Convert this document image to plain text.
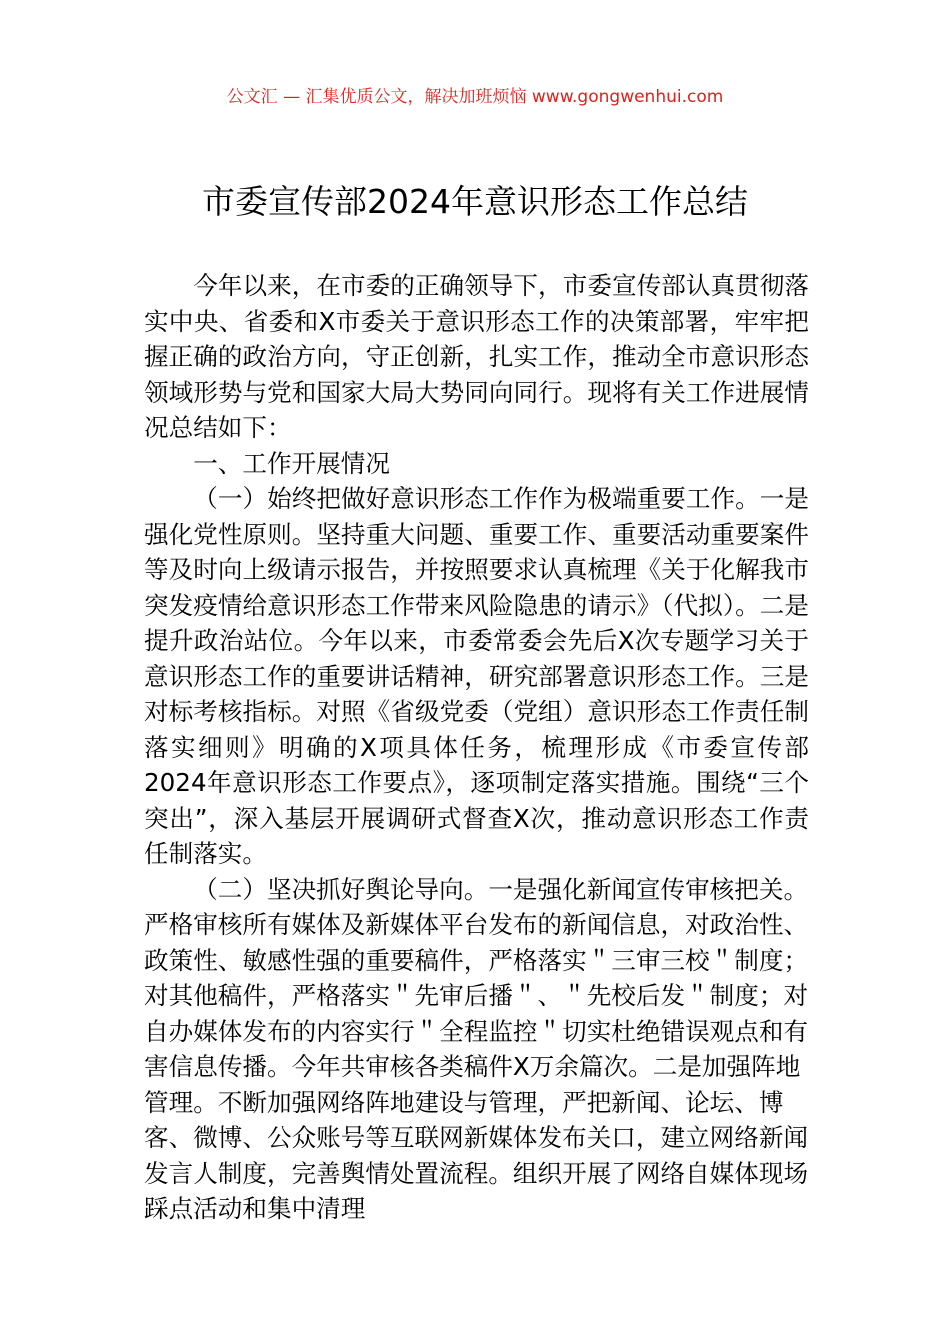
公文汇 — 汇集优质公文，解决加班烦恼 www.gongwenhui.com
市委宣传部2024年意识形态工作总结

今年以来，在市委的正确领导下，市委宣传部认真贯彻落实中央、省委和X市委关于意识形态工作的决策部署，牢牢把握正确的政治方向，守正创新，扎实工作，推动全市意识形态领域形势与党和国家大局大势同向同行。现将有关工作进展情况总结如下：

一、工作开展情况

（一）始终把做好意识形态工作作为极端重要工作。一是强化党性原则。坚持重大问题、重要工作、重要活动重要案件等及时向上级请示报告，并按照要求认真梳理《关于化解我市突发疫情给意识形态工作带来风险隐患的请示》（代拟）。二是提升政治站位。今年以来，市委常委会先后X次专题学习关于意识形态工作的重要讲话精神，研究部署意识形态工作。三是对标考核指标。对照《省级党委（党组）意识形态工作责任制落实细则》明确的X项具体任务，梳理形成《市委宣传部2024年意识形态工作要点》，逐项制定落实措施。围绕“三个突出”，深入基层开展调研式督查X次，推动意识形态工作责任制落实。

（二）坚决抓好舆论导向。一是强化新闻宣传审核把关。严格审核所有媒体及新媒体平台发布的新闻信息，对政治性、政策性、敏感性强的重要稿件，严格落实＂三审三校＂制度；对其他稿件，严格落实＂先审后播＂、＂先校后发＂制度；对自办媒体发布的内容实行＂全程监控＂切实杜绝错误观点和有害信息传播。今年共审核各类稿件X万余篇次。二是加强阵地管理。不断加强网络阵地建设与管理，严把新闻、论坛、博客、微博、公众账号等互联网新媒体发布关口，建立网络新闻发言人制度，完善舆情处置流程。组织开展了网络自媒体现场踩点活动和集中清理
